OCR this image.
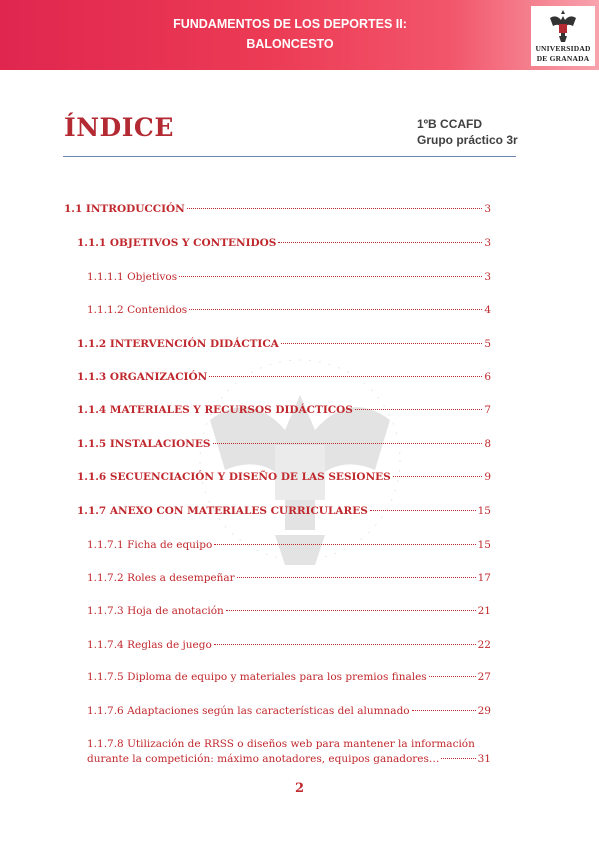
FUNDAMENTOS DE LOS DEPORTES II:
BALONCESTO	UNIVERSIDAD
DE GRANADA
ÍNDICE	1ºB CCAFD
Grupo práctico 3r
1.1 INTRODUCCIÓN	3
1.1.1 OBJETIVOS Y CONTENIDOS	3
1.1.1.1 Objetivos	3
1.1.1.2 Contenidos	4
1.1.2 INTERVENCIÓN DIDÁCTICA	5
1.1.3 ORGANIZACIÓN	6
1.1.4 MATERIALES Y RECURSOS DIDÁCTICOS	7
1.1.5 INSTALACIONES	8
1.1.6 SECUENCIACIÓN Y DISEÑO DE LAS SESIONES	9
1.1.7 ANEXO CON MATERIALES CURRICULARES	15
1.1.7.1 Ficha de equipo	15
1.1.7.2 Roles a desempeñar	17
1.1.7.3 Hoja de anotación	21
1.1.7.4 Reglas de juego	22
1.1.7.5 Diploma de equipo y materiales para los premios finales	27
1.1.7.6 Adaptaciones según las características del alumnado	29
1.1.7.8 Utilización de RRSS o diseños web para mantener la información
durante la competición: máximo anotadores, equipos ganadores…	31
2
